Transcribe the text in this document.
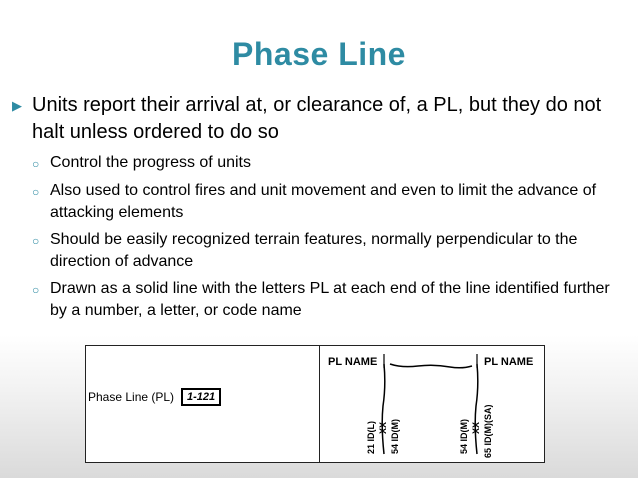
Phase Line
▶ Units report their arrival at, or clearance of, a PL, but they do not halt unless ordered to do so
○ Control the progress of units
○ Also used to control fires and unit movement and even to limit the advance of attacking elements
○ Should be easily recognized terrain features, normally perpendicular to the direction of advance
○ Drawn as a solid line with the letters PL at each end of the line identified further by a number, a letter, or code name
Phase Line (PL)	1-121
PL NAME	PL NAME
21 ID(L) XX 54 ID(M)	54 ID(M) XX 65 ID(M)(SA)
